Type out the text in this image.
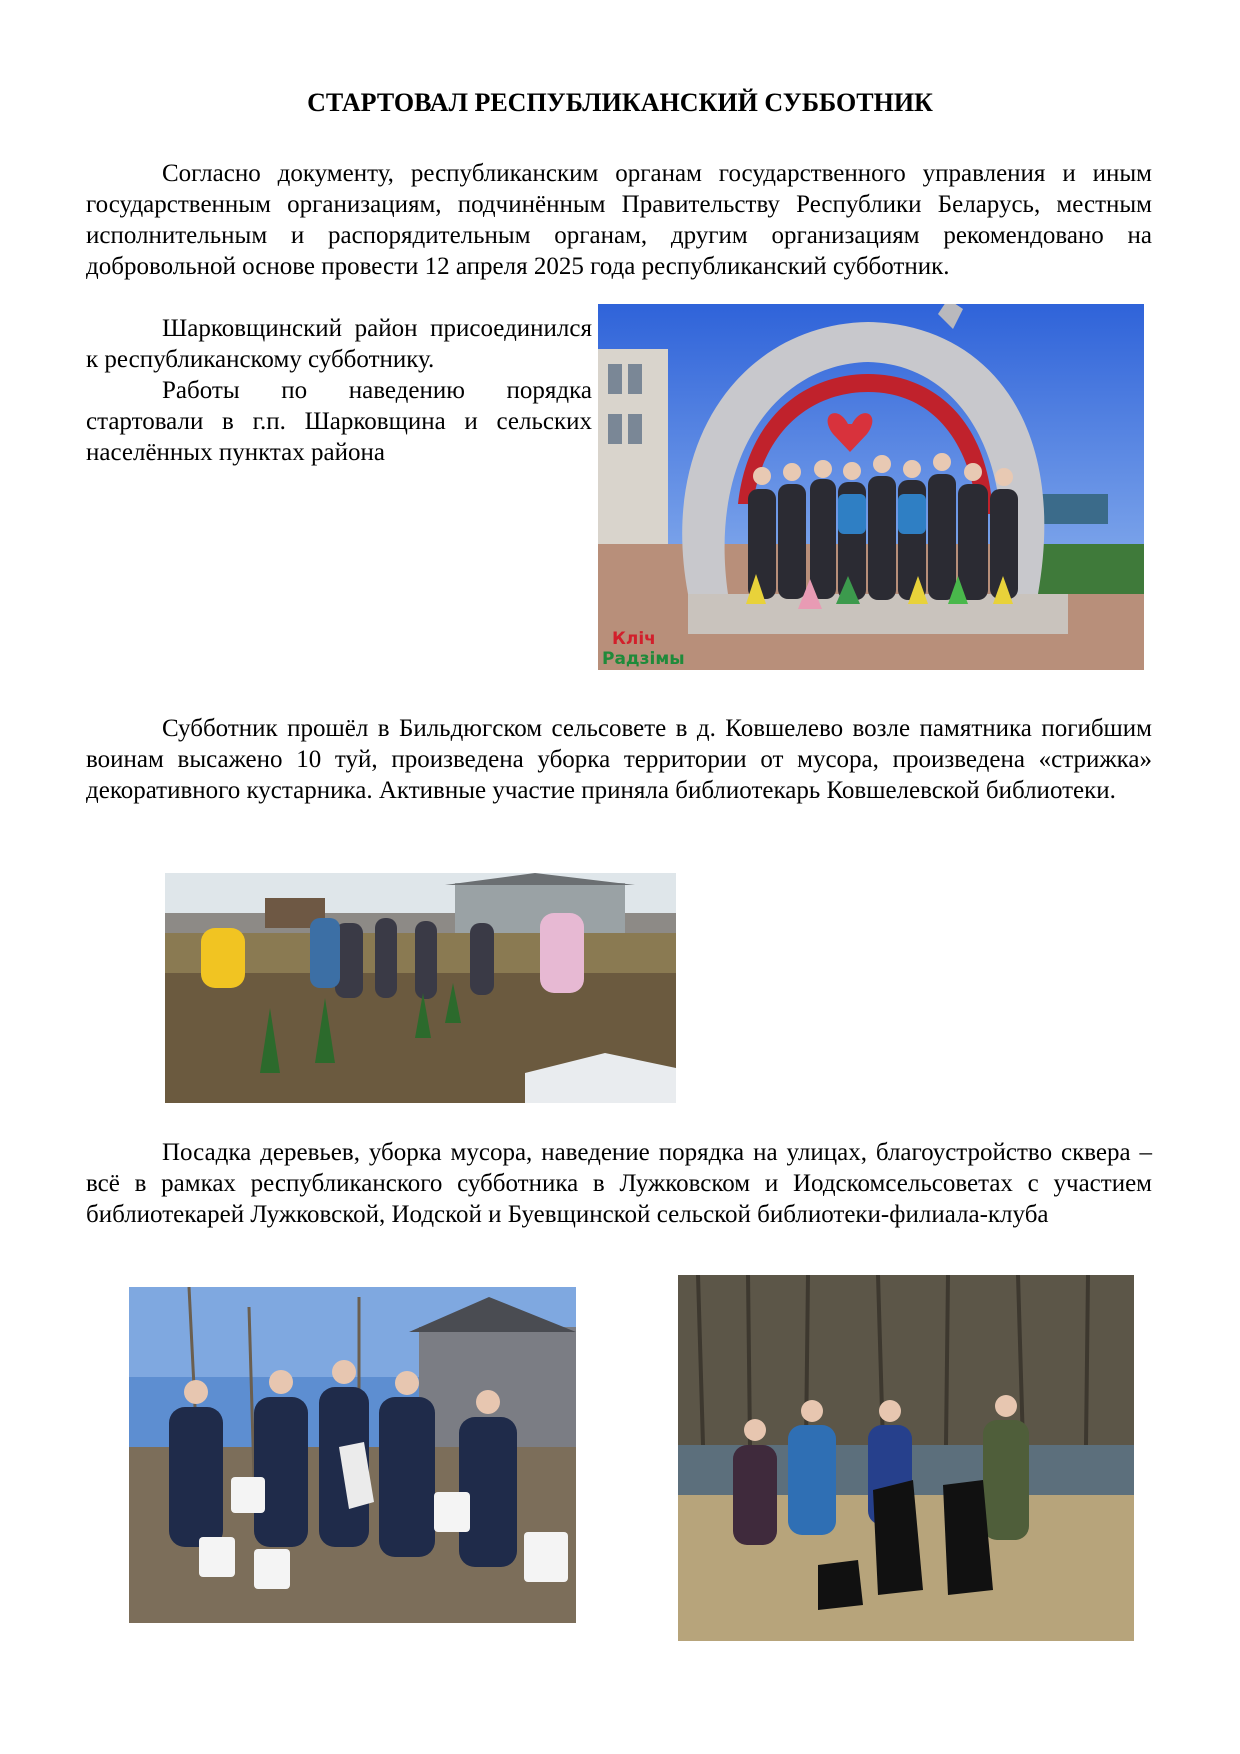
СТАРТОВАЛ РЕСПУБЛИКАНСКИЙ СУББОТНИК

Согласно документу, республиканским органам государственного управления и иным государственным организациям, подчинённым Правительству Республики Беларусь, местным исполнительным и распорядительным органам, другим организациям рекомендовано на добровольной основе провести 12 апреля 2025 года республиканский субботник.

Шарковщинский район присоединился к республиканскому субботнику.

Работы по наведению порядка стартовали в г.п. Шарковщина и сельских населённых пунктах района

Кліч
Радзімы

Субботник прошёл в Бильдюгском сельсовете в д. Ковшелево возле памятника погибшим воинам высажено 10 туй, произведена уборка территории от мусора, произведена «стрижка» декоративного кустарника. Активные участие приняла библиотекарь Ковшелевской библиотеки.

Посадка деревьев, уборка мусора, наведение порядка на улицах, благоустройство сквера – всё в рамках республиканского субботника в Лужковском и Иодскомсельсоветах с участием библиотекарей Лужковской, Иодской и Буевщинской сельской библиотеки-филиала-клуба
